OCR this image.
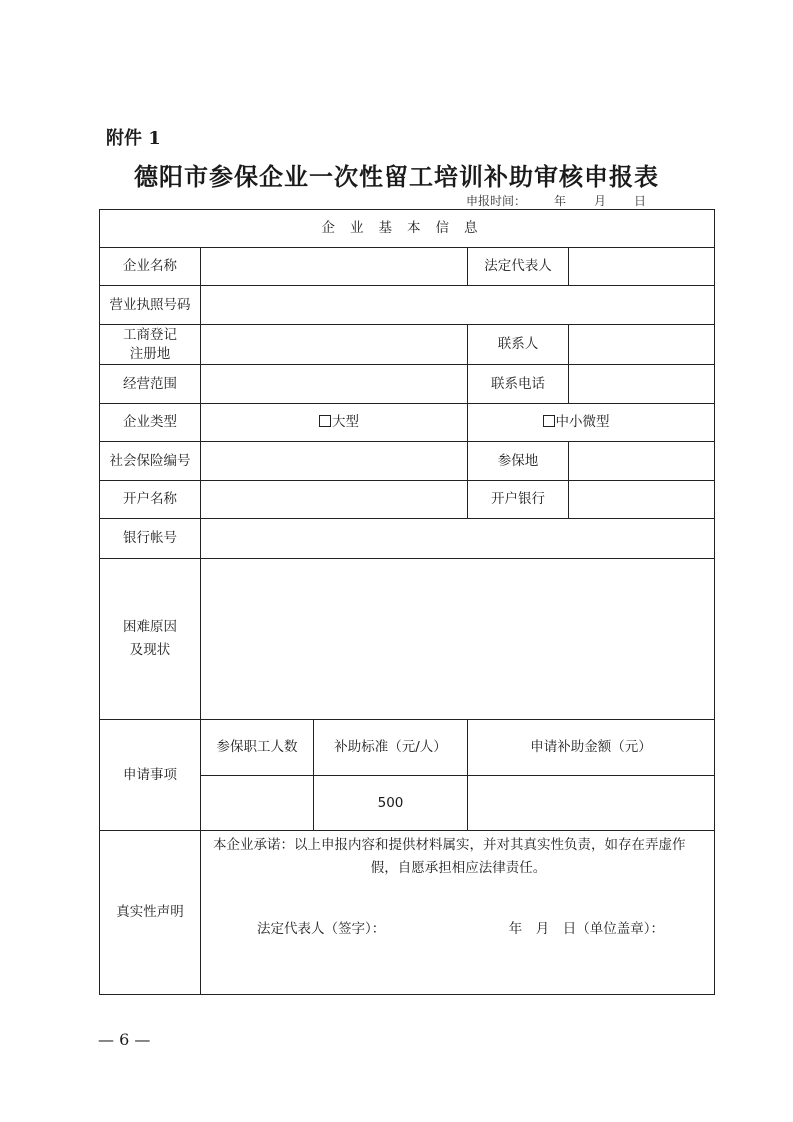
附件 1
德阳市参保企业一次性留工培训补助审核申报表
申报时间： 年 月 日
企业基本信息				
企业名称			法定代表人	
营业执照号码				
工商登记注册地			联系人	
经营范围			联系电话	
企业类型	大型		中小微型	
社会保险编号			参保地	
开户名称			开户银行	
银行帐号				
困难原因及现状				
申请事项	参保职工人数	补助标准（元/人）	申请补助金额（元）	
		500		
真实性声明	本企业承诺：以上申报内容和提供材料属实，并对其真实性负责，如存在弄虚作
假，自愿承担相应法律责任。
法定代表人（签字）： 年　月　日（单位盖章）：			
— 6 —
